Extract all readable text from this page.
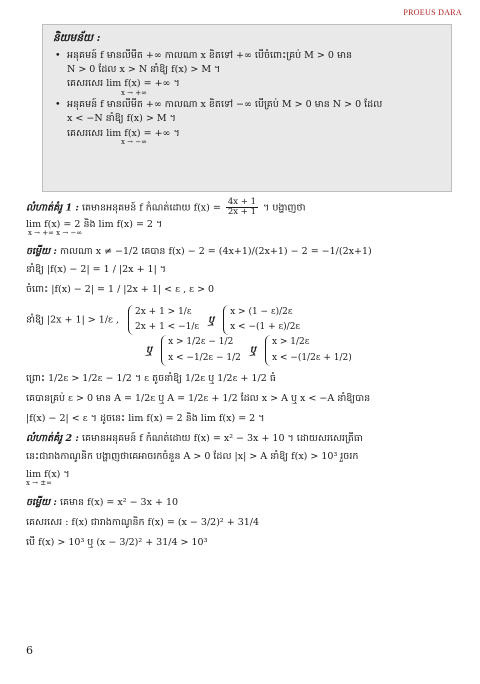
PROEUS DARA
និយមន័យ :
• អនុគមន៍ f មានលីមីត +∞ កាលណា x ខិតទៅ +∞ បើចំពោះគ្រប់ M > 0 មាន
N > 0 ដែល x > N នាំឱ្យ f(x) > M ។
គេសរសេរ lim f(x) = +∞ ។
x → +∞
• អនុគមន៍ f មានលីមីត +∞ កាលណា x ខិតទៅ −∞ បើគ្រប់ M > 0 មាន N > 0 ដែល
x < −N នាំឱ្យ f(x) > M ។
គេសរសេរ lim f(x) = +∞ ។
x → −∞
លំហាត់គំរូ 1 : គេមានអនុគមន៍ f កំណត់ដោយ $f(x) = \frac{4x + 1}{2x + 1}$ ។ បង្ហាញថា
lim f(x) = 2 និង lim f(x) = 2 ។
x → +∞ x → −∞
ចម្លើយ : កាលណា x ≠ −1/2 គេបាន f(x) − 2 = (4x+1)/(2x+1) − 2 = −1/(2x+1)
នាំឱ្យ |f(x) − 2| = 1 / |2x + 1| ។
ចំពោះ |f(x) − 2| = 1 / |2x + 1| < ε , ε > 0
នាំឱ្យ |2x + 1| > 1/ε ,
2x + 1 > 1/ε
2x + 1 < −1/ε
ឬ
x > (1 − ε)/2ε
x < −(1 + ε)/2ε
ឬ
x > 1/2ε − 1/2
x < −1/2ε − 1/2
ឬ
x > 1/2ε
x < −(1/2ε + 1/2)
ព្រោះ 1/2ε > 1/2ε − 1/2 ។ ε តូចនាំឱ្យ 1/2ε ឬ 1/2ε + 1/2 ធំ
គេបានគ្រប់ ε > 0 មាន A = 1/2ε ឬ A = 1/2ε + 1/2 ដែល x > A ឬ x < −A នាំឱ្យបាន
|f(x) − 2| < ε ។ ដូចនេះ lim f(x) = 2 និង lim f(x) = 2 ។
លំហាត់គំរូ 2 : គេមានអនុគមន៍ f កំណត់ដោយ f(x) = x² − 3x + 10 ។ ដោយសរសេរត្រីធា
នេះជារាងកាណូនិក បង្ហាញថាគេអាចរកចំនួន A > 0 ដែល |x| > A នាំឱ្យ f(x) > 10³ រួចរក
lim f(x) ។
x → ±∞
ចម្លើយ : គេមាន f(x) = x² − 3x + 10
គេសរសេរ : f(x) ជារាងកាណូនិក f(x) = (x − 3/2)² + 31/4
បើ f(x) > 10³ ឬ (x − 3/2)² + 31/4 > 10³
6
